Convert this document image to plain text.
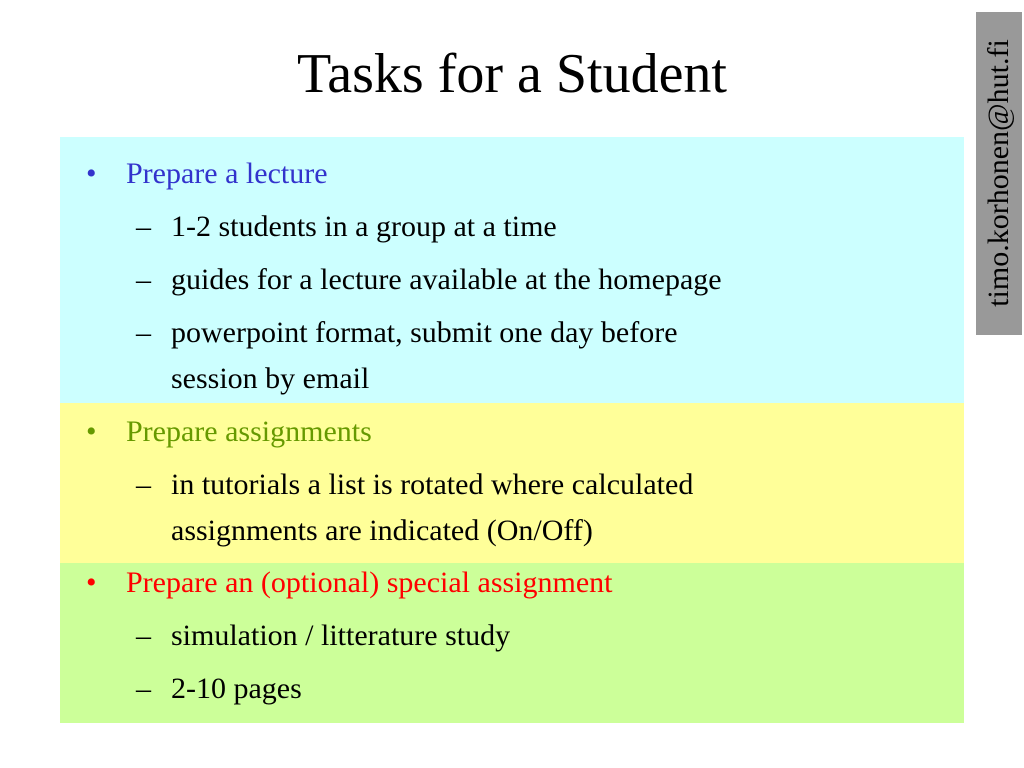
Tasks for a Student	timo.korhonen@hut.fi
• Prepare a lecture
– 1-2 students in a group at a time
– guides for a lecture available at the homepage
– powerpoint format, submit one day before
session by email
• Prepare assignments
– in tutorials a list is rotated where calculated
assignments are indicated (On/Off)
• Prepare an (optional) special assignment
– simulation / litterature study
– 2-10 pages
